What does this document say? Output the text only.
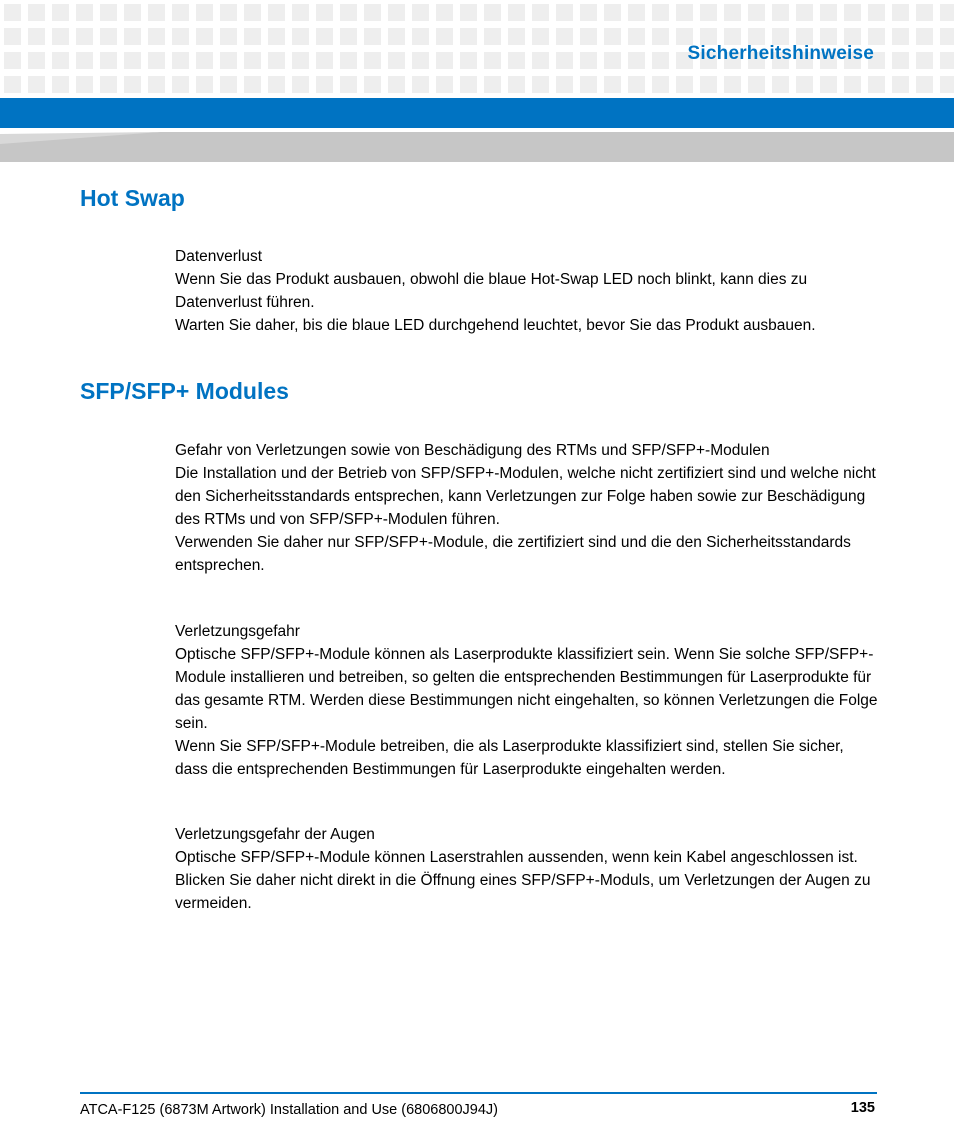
Sicherheitshinweise
Hot Swap

Datenverlust

Wenn Sie das Produkt ausbauen, obwohl die blaue Hot-Swap LED noch blinkt, kann dies zu Datenverlust führen.

Warten Sie daher, bis die blaue LED durchgehend leuchtet, bevor Sie das Produkt ausbauen.

SFP/SFP+ Modules

Gefahr von Verletzungen sowie von Beschädigung des RTMs und SFP/SFP+-Modulen

Die Installation und der Betrieb von SFP/SFP+-Modulen, welche nicht zertifiziert sind und welche nicht den Sicherheitsstandards entsprechen, kann Verletzungen zur Folge haben sowie zur Beschädigung des RTMs und von SFP/SFP+-Modulen führen.

Verwenden Sie daher nur SFP/SFP+-Module, die zertifiziert sind und die den Sicherheitsstandards entsprechen.

Verletzungsgefahr

Optische SFP/SFP+-Module können als Laserprodukte klassifiziert sein. Wenn Sie solche SFP/SFP+-Module installieren und betreiben, so gelten die entsprechenden Bestimmungen für Laserprodukte für das gesamte RTM. Werden diese Bestimmungen nicht eingehalten, so können Verletzungen die Folge sein.

Wenn Sie SFP/SFP+-Module betreiben, die als Laserprodukte klassifiziert sind, stellen Sie sicher, dass die entsprechenden Bestimmungen für Laserprodukte eingehalten werden.

Verletzungsgefahr der Augen

Optische SFP/SFP+-Module können Laserstrahlen aussenden, wenn kein Kabel angeschlossen ist.

Blicken Sie daher nicht direkt in die Öffnung eines SFP/SFP+-Moduls, um Verletzungen der Augen zu vermeiden.

ATCA-F125 (6873M Artwork) Installation and Use (6806800J94J)	135
